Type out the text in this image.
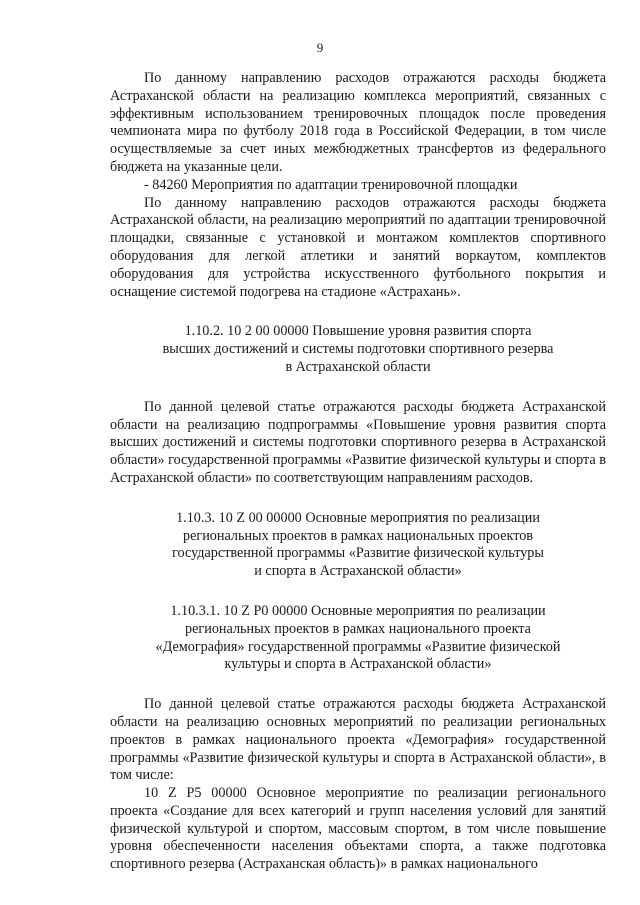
9

По данному направлению расходов отражаются расходы бюджета Астраханской области на реализацию комплекса мероприятий, связанных с эффективным использованием тренировочных площадок после проведения чемпионата мира по футболу 2018 года в Российской Федерации, в том числе осуществляемые за счет иных межбюджетных трансфертов из федерального бюджета на указанные цели.

- 84260 Мероприятия по адаптации тренировочной площадки

По данному направлению расходов отражаются расходы бюджета Астраханской области, на реализацию мероприятий по адаптации тренировочной площадки, связанные с установкой и монтажом комплектов спортивного оборудования для легкой атлетики и занятий воркаутом, комплектов оборудования для устройства искусственного футбольного покрытия и оснащение системой подогрева на стадионе «Астрахань».

1.10.2. 10 2 00 00000 Повышение уровня развития спорта
высших достижений и системы подготовки спортивного резерва
в Астраханской области

По данной целевой статье отражаются расходы бюджета Астраханской области на реализацию подпрограммы «Повышение уровня развития спорта высших достижений и системы подготовки спортивного резерва в Астраханской области» государственной программы «Развитие физической культуры и спорта в Астраханской области» по соответствующим направлениям расходов.

1.10.3. 10 Z 00 00000 Основные мероприятия по реализации
региональных проектов в рамках национальных проектов
государственной программы «Развитие физической культуры
и спорта в Астраханской области»
1.10.3.1. 10 Z P0 00000 Основные мероприятия по реализации
региональных проектов в рамках национального проекта
«Демография» государственной программы «Развитие физической
культуры и спорта в Астраханской области»

По данной целевой статье отражаются расходы бюджета Астраханской области на реализацию основных мероприятий по реализации региональных проектов в рамках национального проекта «Демография» государственной программы «Развитие физической культуры и спорта в Астраханской области», в том числе:

10 Z P5 00000 Основное мероприятие по реализации регионального проекта «Создание для всех категорий и групп населения условий для занятий физической культурой и спортом, массовым спортом, в том числе повышение уровня обеспеченности населения объектами спорта, а также подготовка спортивного резерва (Астраханская область)» в рамках национального
